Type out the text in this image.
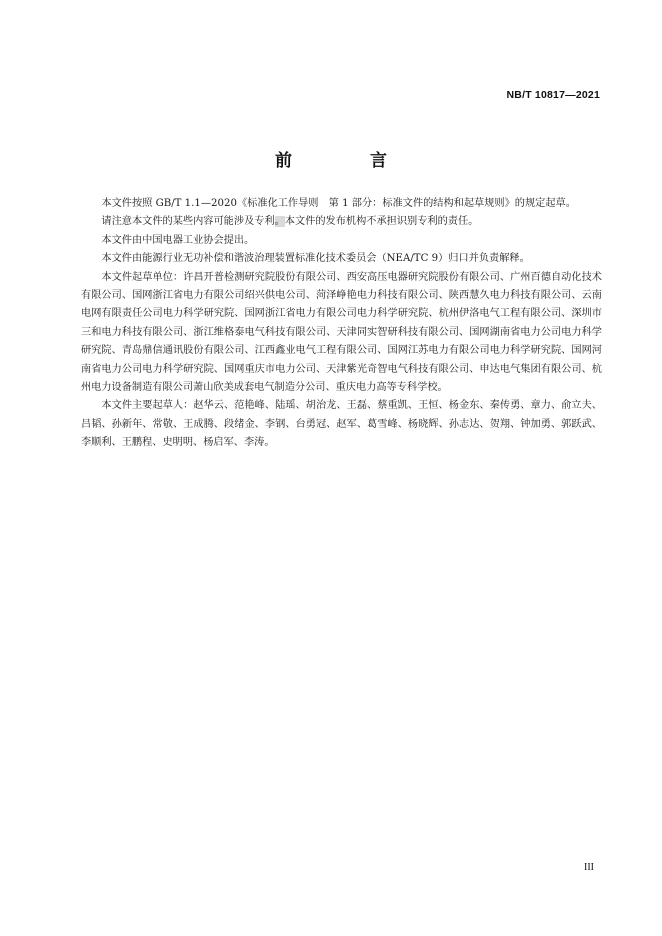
NB/T 10817—2021
前 言

本文件按照 GB/T 1.1—2020《标准化工作导则　第 1 部分：标准文件的结构和起草规则》的规定起草。

请注意本文件的某些内容可能涉及专利。本文件的发布机构不承担识别专利的责任。

本文件由中国电器工业协会提出。

本文件由能源行业无功补偿和谐波治理装置标准化技术委员会（NEA/TC 9）归口并负责解释。

本文件起草单位：许昌开普检测研究院股份有限公司、西安高压电器研究院股份有限公司、广州百德自动化技术有限公司、国网浙江省电力有限公司绍兴供电公司、菏泽峥艳电力科技有限公司、陕西慧久电力科技有限公司、云南电网有限责任公司电力科学研究院、国网浙江省电力有限公司电力科学研究院、杭州伊洛电气工程有限公司、深圳市三和电力科技有限公司、浙江维格泰电气科技有限公司、天津同实智研科技有限公司、国网湖南省电力公司电力科学研究院、青岛鼎信通讯股份有限公司、江西鑫业电气工程有限公司、国网江苏电力有限公司电力科学研究院、国网河南省电力公司电力科学研究院、国网重庆市电力公司、天津紫光奇智电气科技有限公司、申达电气集团有限公司、杭州电力设备制造有限公司萧山欣美成套电气制造分公司、重庆电力高等专科学校。

本文件主要起草人：赵华云、范艳峰、陆瑶、胡治龙、王磊、蔡重凯、王恒、杨金东、秦传勇、章力、俞立夫、吕韬、孙新年、常敬、王成腾、段绪金、李钢、台勇冠、赵军、葛雪峰、杨晓辉、孙志达、贺翔、钟加勇、郭跃武、李顺利、王鹏程、史明明、杨启军、李涛。

III
